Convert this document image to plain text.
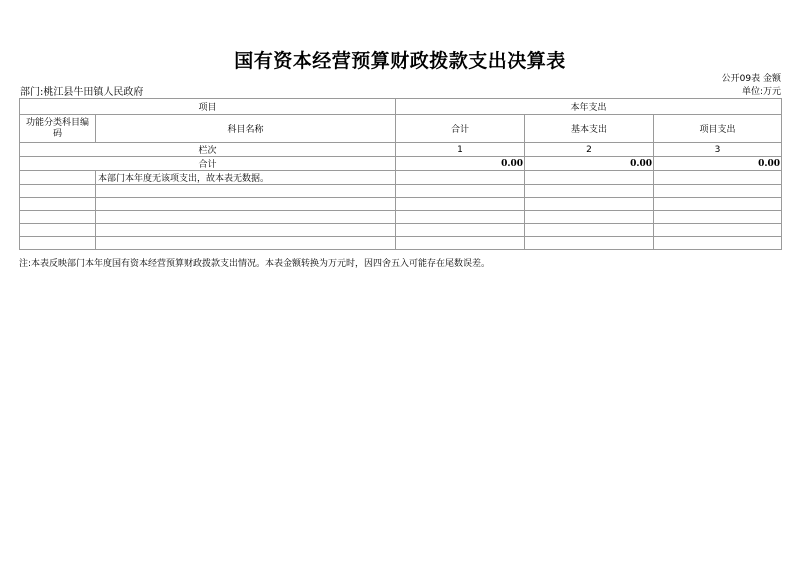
国有资本经营预算财政拨款支出决算表
部门:桃江县牛田镇人民政府
公开09表 金额
单位:万元
项目		本年支出		
功能分类科目编码	科目名称	合计	基本支出	项目支出
栏次		1	2	3
合计		0.00	0.00	0.00
	本部门本年度无该项支出，故本表无数据。			

注:本表反映部门本年度国有资本经营预算财政拨款支出情况。本表金额转换为万元时，因四舍五入可能存在尾数误差。
